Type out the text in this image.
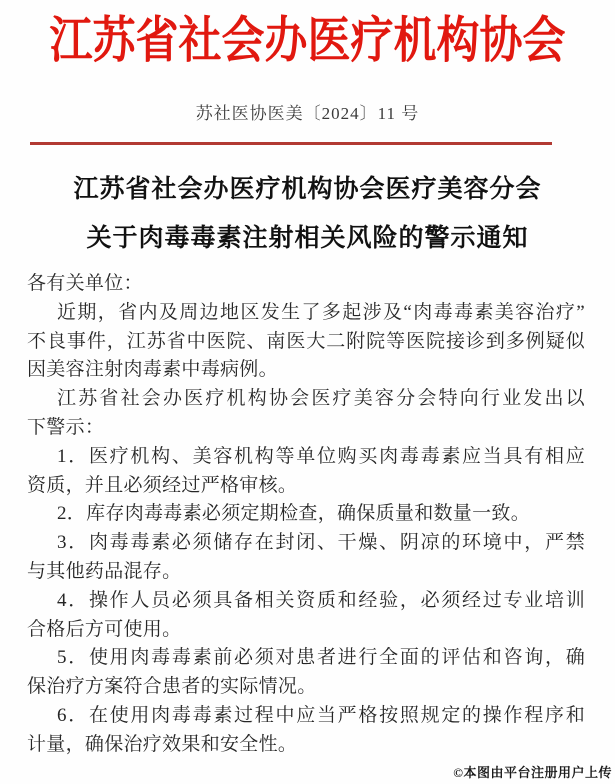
江苏省社会办医疗机构协会
苏社医协医美〔2024〕11 号
江苏省社会办医疗机构协会医疗美容分会
关于肉毒毒素注射相关风险的警示通知
各有关单位：
近期，省内及周边地区发生了多起涉及“肉毒毒素美容治疗”
不良事件，江苏省中医院、南医大二附院等医院接诊到多例疑似
因美容注射肉毒素中毒病例。
江苏省社会办医疗机构协会医疗美容分会特向行业发出以
下警示：
1．医疗机构、美容机构等单位购买肉毒毒素应当具有相应
资质，并且必须经过严格审核。
2．库存肉毒毒素必须定期检查，确保质量和数量一致。
3．肉毒毒素必须储存在封闭、干燥、阴凉的环境中，严禁
与其他药品混存。
4．操作人员必须具备相关资质和经验，必须经过专业培训
合格后方可使用。
5．使用肉毒毒素前必须对患者进行全面的评估和咨询，确
保治疗方案符合患者的实际情况。
6．在使用肉毒毒素过程中应当严格按照规定的操作程序和
计量，确保治疗效果和安全性。
©本图由平台注册用户上传
